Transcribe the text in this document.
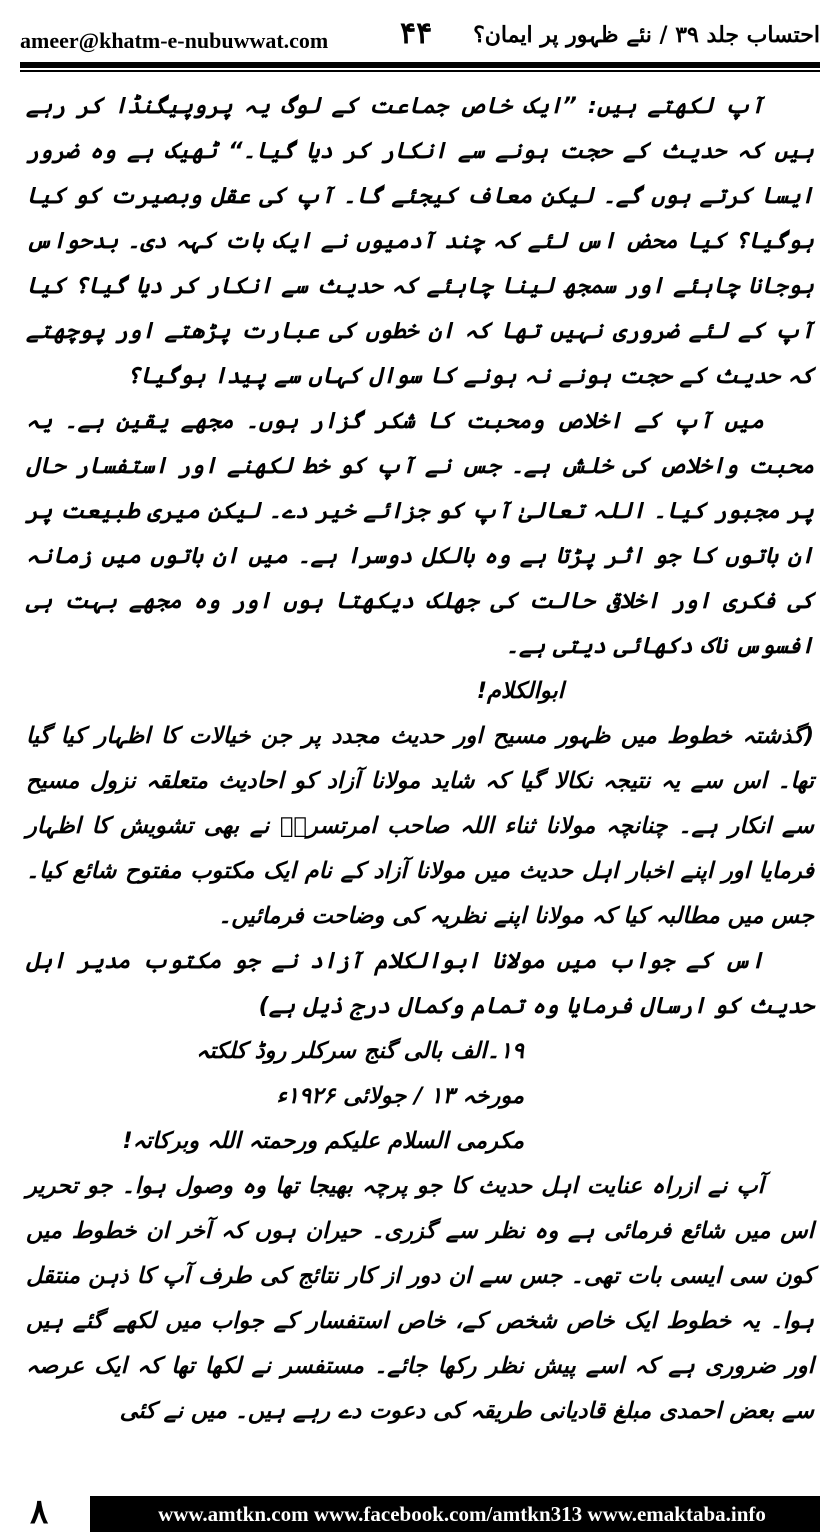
ameer@khatm-e-nubuwwat.com ۴۴ احتساب جلد ۳۹ / نئے ظہور پر ایمان؟

آپ لکھتے ہیں: ”ایک خاص جماعت کے لوگ یہ پروپیگنڈا کر رہے ہیں کہ حدیث کے حجت ہونے سے انکار کر دیا گیا۔“ ٹھیک ہے وہ ضرور ایسا کرتے ہوں گے۔ لیکن معاف کیجئے گا۔ آپ کی عقل وبصیرت کو کیا ہوگیا؟ کیا محض اس لئے کہ چند آدمیوں نے ایک بات کہہ دی۔ بدحواس ہوجانا چاہئے اور سمجھ لینا چاہئے کہ حدیث سے انکار کر دیا گیا؟ کیا آپ کے لئے ضروری نہیں تھا کہ ان خطوں کی عبارت پڑھتے اور پوچھتے کہ حدیث کے حجت ہونے نہ ہونے کا سوال کہاں سے پیدا ہوگیا؟

میں آپ کے اخلاص ومحبت کا شکر گزار ہوں۔ مجھے یقین ہے۔ یہ محبت واخلاص کی خلش ہے۔ جس نے آپ کو خط لکھنے اور استفسار حال پر مجبور کیا۔ اللہ تعالیٰ آپ کو جزائے خیر دے۔ لیکن میری طبیعت پر ان باتوں کا جو اثر پڑتا ہے وہ بالکل دوسرا ہے۔ میں ان باتوں میں زمانہ کی فکری اور اخلاقی حالت کی جھلک دیکھتا ہوں اور وہ مجھے بہت ہی افسوس ناک دکھائی دیتی ہے۔

ابوالکلام!

(گذشتہ خطوط میں ظہور مسیح اور حدیث مجدد پر جن خیالات کا اظہار کیا گیا تھا۔ اس سے یہ نتیجہ نکالا گیا کہ شاید مولانا آزاد کو احادیث متعلقہ نزول مسیح سے انکار ہے۔ چنانچہ مولانا ثناء اللہ صاحب امرتسریؒ نے بھی تشویش کا اظہار فرمایا اور اپنے اخبار اہل حدیث میں مولانا آزاد کے نام ایک مکتوب مفتوح شائع کیا۔ جس میں مطالبہ کیا کہ مولانا اپنے نظریہ کی وضاحت فرمائیں۔

اس کے جواب میں مولانا ابوالکلام آزاد نے جو مکتوب مدیر اہل حدیث کو ارسال فرمایا وہ تمام وکمال درج ذیل ہے)

۱۹۔الف بالی گنج سرکلر روڈ کلکتہ

مورخہ ۱۳ / جولائی ۱۹۲۶ء

مکرمی السلام علیکم ورحمتہ اللہ وبرکاتہ!

آپ نے ازراہ عنایت اہل حدیث کا جو پرچہ بھیجا تھا وہ وصول ہوا۔ جو تحریر اس میں شائع فرمائی ہے وہ نظر سے گزری۔ حیران ہوں کہ آخر ان خطوط میں کون سی ایسی بات تھی۔ جس سے ان دور از کار نتائج کی طرف آپ کا ذہن منتقل ہوا۔ یہ خطوط ایک خاص شخص کے، خاص استفسار کے جواب میں لکھے گئے ہیں اور ضروری ہے کہ اسے پیش نظر رکھا جائے۔ مستفسر نے لکھا تھا کہ ایک عرصہ سے بعض احمدی مبلغ قادیانی طریقہ کی دعوت دے رہے ہیں۔ میں نے کئی

۸	www.amtkn.com www.facebook.com/amtkn313 www.emaktaba.info
